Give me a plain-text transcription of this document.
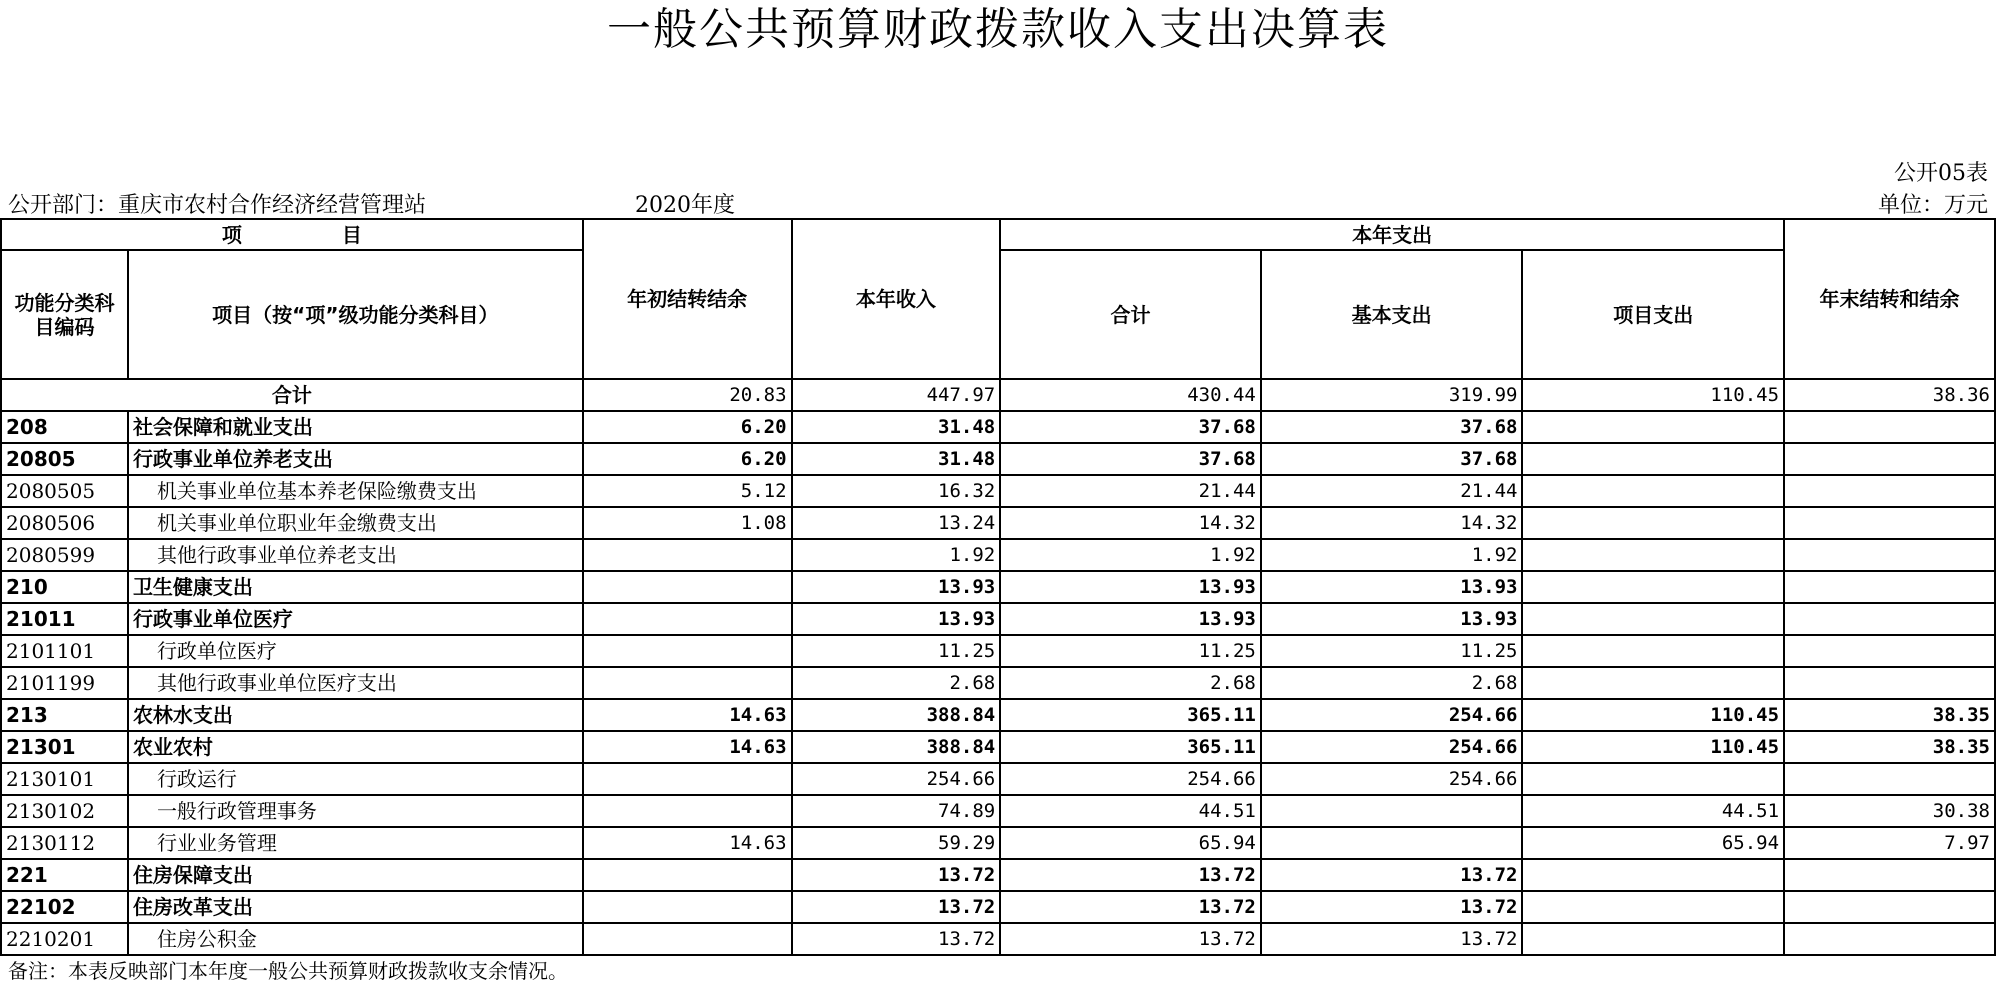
一般公共预算财政拨款收入支出决算表
公开05表
公开部门：重庆市农村合作经济经营管理站	2020年度	单位：万元
项　　　　　目		年初结转结余	本年收入	本年支出			年末结转和结余
功能分类科目编码	项目（按“项”级功能分类科目）			合计	基本支出	项目支出	
合计		20.83	447.97	430.44	319.99	110.45	38.36
208	社会保障和就业支出	6.20	31.48	37.68	37.68		
20805	行政事业单位养老支出	6.20	31.48	37.68	37.68		
2080505	机关事业单位基本养老保险缴费支出	5.12	16.32	21.44	21.44		
2080506	机关事业单位职业年金缴费支出	1.08	13.24	14.32	14.32		
2080599	其他行政事业单位养老支出		1.92	1.92	1.92		
210	卫生健康支出		13.93	13.93	13.93		
21011	行政事业单位医疗		13.93	13.93	13.93		
2101101	行政单位医疗		11.25	11.25	11.25		
2101199	其他行政事业单位医疗支出		2.68	2.68	2.68		
213	农林水支出	14.63	388.84	365.11	254.66	110.45	38.35
21301	农业农村	14.63	388.84	365.11	254.66	110.45	38.35
2130101	行政运行		254.66	254.66	254.66		
2130102	一般行政管理事务		74.89	44.51		44.51	30.38
2130112	行业业务管理	14.63	59.29	65.94		65.94	7.97
221	住房保障支出		13.72	13.72	13.72		
22102	住房改革支出		13.72	13.72	13.72		
2210201	住房公积金		13.72	13.72	13.72		
备注：本表反映部门本年度一般公共预算财政拨款收支余情况。
